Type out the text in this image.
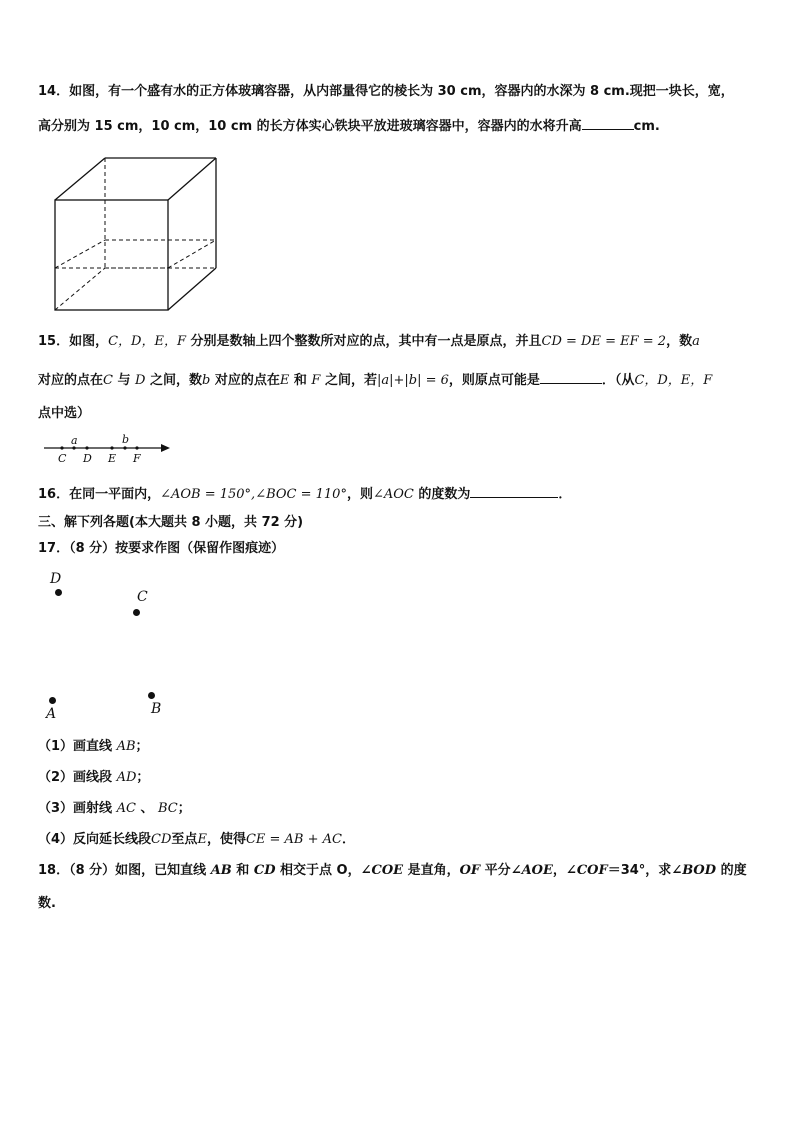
14．如图，有一个盛有水的正方体玻璃容器，从内部量得它的棱长为 30 cm，容器内的水深为 8 cm.现把一块长，宽，
高分别为 15 cm，10 cm，10 cm 的长方体实心铁块平放进玻璃容器中，容器内的水将升高	cm.
15．如图，C，D，E，F 分别是数轴上四个整数所对应的点，其中有一点是原点，并且CD = DE = EF = 2，数a
对应的点在C 与 D 之间，数b 对应的点在E 和 F 之间，若|a|+|b| = 6，则原点可能是	．（从C，D，E，F
点中选）
C D E F
a	b
16．在同一平面内，∠AOB = 150°,∠BOC = 110°，则∠AOC 的度数为	．
三、解下列各题(本大题共 8 小题，共 72 分)
17．（8 分）按要求作图（保留作图痕迹）
D
C
A	B
（1）画直线 AB；
（2）画线段 AD；
（3）画射线 AC 、 BC；
（4）反向延长线段CD至点E，使得CE = AB + AC．
18．（8 分）如图，已知直线 AB 和 CD 相交于点 O，∠COE 是直角，OF 平分∠AOE，∠COF＝34°，求∠BOD 的度
数.
